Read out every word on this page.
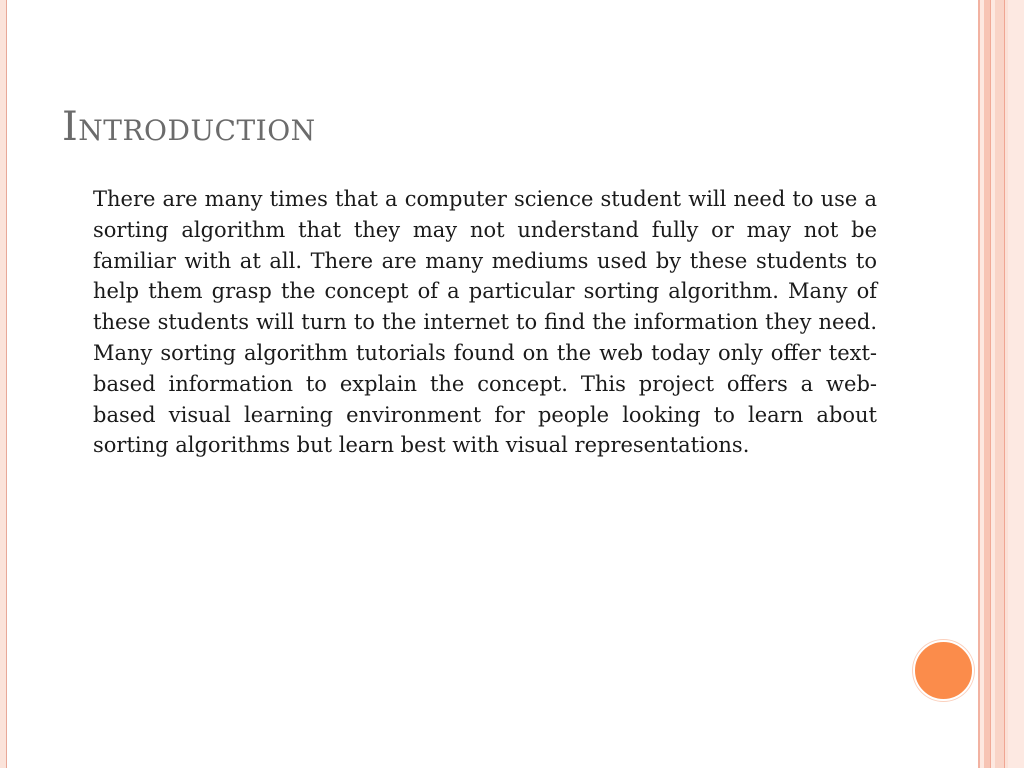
Introduction
There are many times that a computer science student will need to use a sorting algorithm that they may not understand fully or may not be familiar with at all. There are many mediums used by these students to help them grasp the concept of a particular sorting algorithm. Many of these students will turn to the internet to find the information they need. Many sorting algorithm tutorials found on the web today only offer text-based information to explain the concept. This project offers a web-based visual learning environment for people looking to learn about sorting algorithms but learn best with visual representations.
